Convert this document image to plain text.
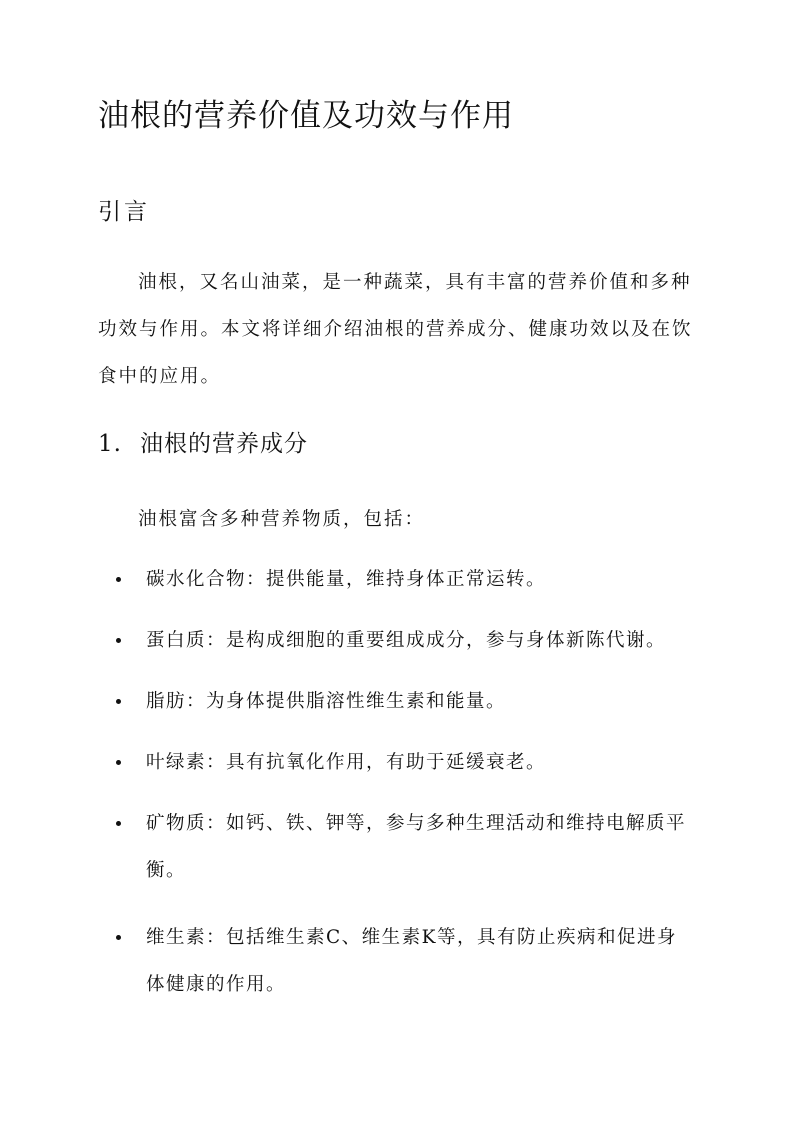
油根的营养价值及功效与作用
引言

油根，又名山油菜，是一种蔬菜，具有丰富的营养价值和多种功效与作用。本文将详细介绍油根的营养成分、健康功效以及在饮食中的应用。

1. 油根的营养成分

油根富含多种营养物质，包括：

碳水化合物：提供能量，维持身体正常运转。
蛋白质：是构成细胞的重要组成成分，参与身体新陈代谢。
脂肪：为身体提供脂溶性维生素和能量。
叶绿素：具有抗氧化作用，有助于延缓衰老。
矿物质：如钙、铁、钾等，参与多种生理活动和维持电解质平衡。
维生素：包括维生素C、维生素K等，具有防止疾病和促进身体健康的作用。
